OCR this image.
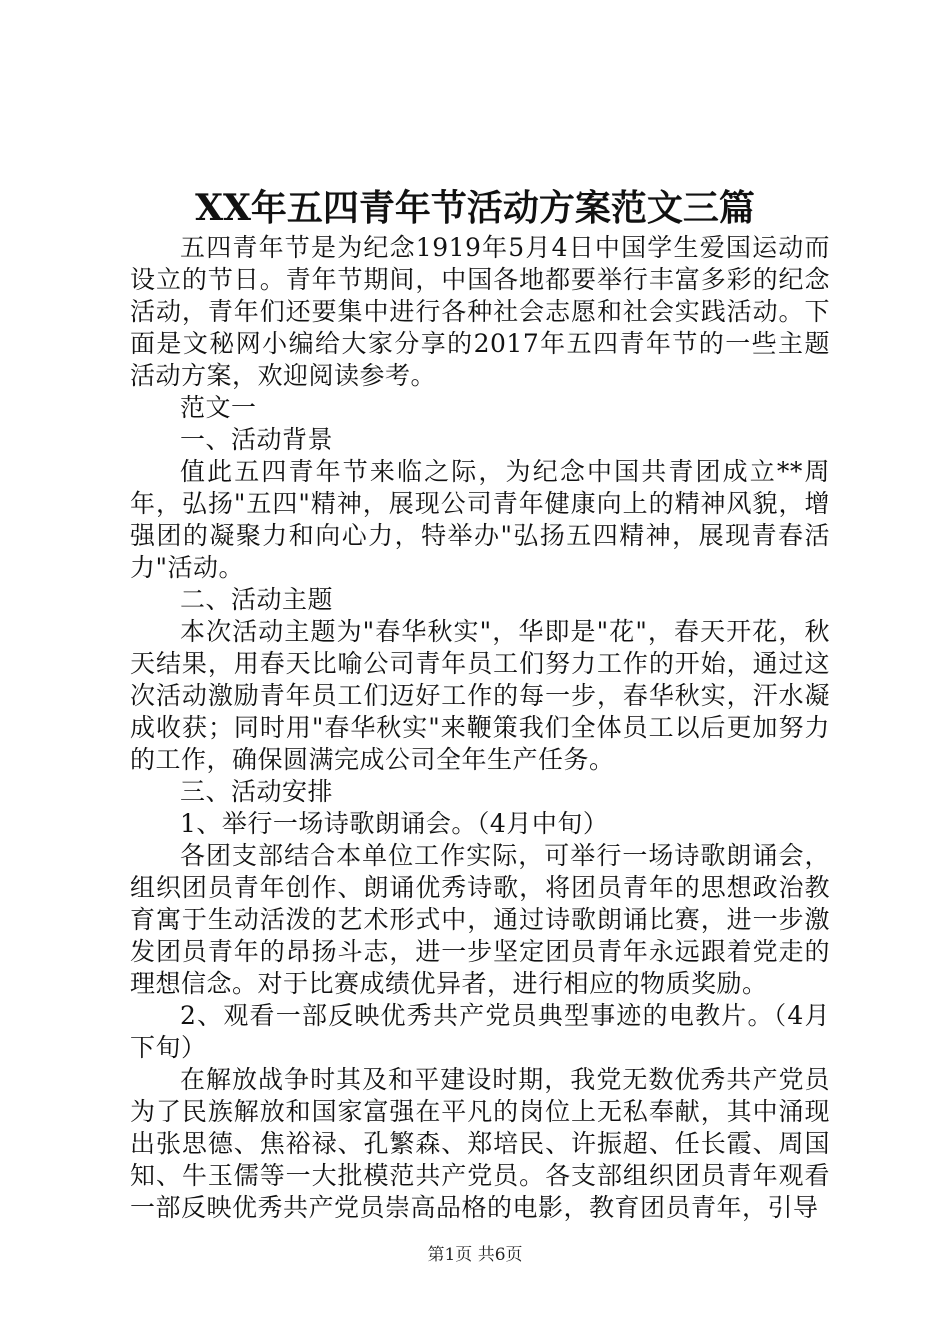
XX年五四青年节活动方案范文三篇

五四青年节是为纪念1919年5月4日中国学生爱国运动而设立的节日。青年节期间，中国各地都要举行丰富多彩的纪念活动，青年们还要集中进行各种社会志愿和社会实践活动。下面是文秘网小编给大家分享的2017年五四青年节的一些主题活动方案，欢迎阅读参考。

范文一

一、活动背景

值此五四青年节来临之际，为纪念中国共青团成立**周年，弘扬"五四"精神，展现公司青年健康向上的精神风貌，增强团的凝聚力和向心力，特举办"弘扬五四精神，展现青春活力"活动。

二、活动主题

本次活动主题为"春华秋实"，华即是"花"，春天开花，秋天结果，用春天比喻公司青年员工们努力工作的开始，通过这次活动激励青年员工们迈好工作的每一步，春华秋实，汗水凝成收获；同时用"春华秋实"来鞭策我们全体员工以后更加努力的工作，确保圆满完成公司全年生产任务。

三、活动安排

1、举行一场诗歌朗诵会。（4月中旬）

各团支部结合本单位工作实际，可举行一场诗歌朗诵会，组织团员青年创作、朗诵优秀诗歌，将团员青年的思想政治教育寓于生动活泼的艺术形式中，通过诗歌朗诵比赛，进一步激发团员青年的昂扬斗志，进一步坚定团员青年永远跟着党走的理想信念。对于比赛成绩优异者，进行相应的物质奖励。

2、观看一部反映优秀共产党员典型事迹的电教片。（4月下旬）

在解放战争时其及和平建设时期，我党无数优秀共产党员为了民族解放和国家富强在平凡的岗位上无私奉献，其中涌现出张思德、焦裕禄、孔繁森、郑培民、许振超、任长霞、周国知、牛玉儒等一大批模范共产党员。各支部组织团员青年观看一部反映优秀共产党员崇高品格的电影，教育团员青年，引导

第1页 共6页
